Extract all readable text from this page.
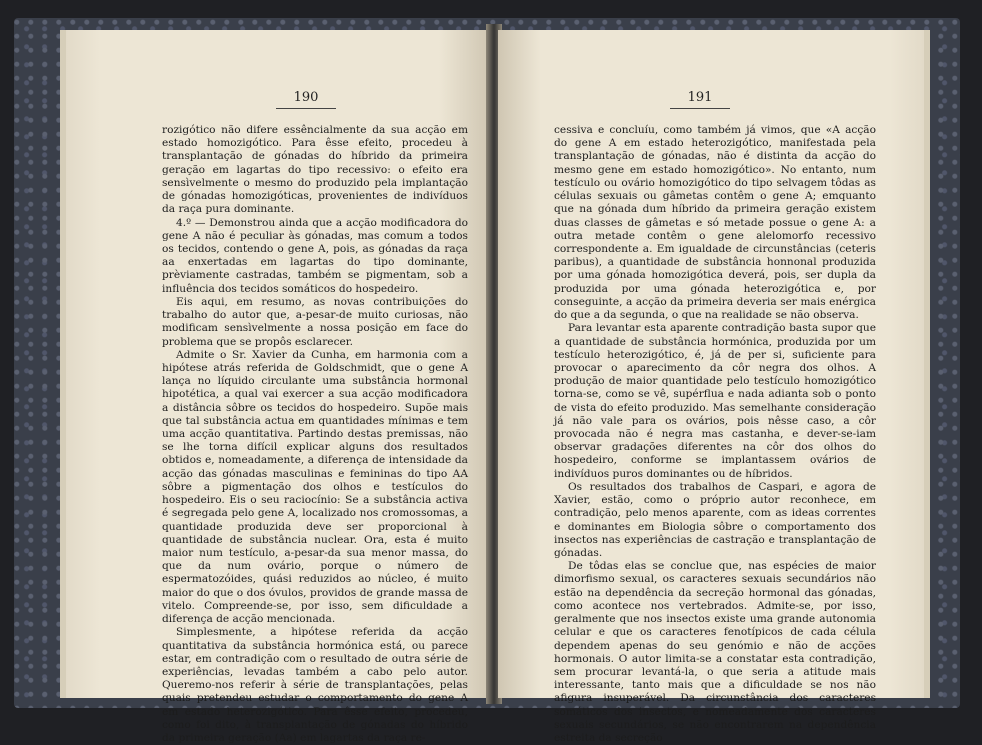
190

rozigótico não difere essêncialmente da sua acção em estado homozigótico. Para êsse efeito, procedeu à transplantação de gónadas do híbrido da primeira geração em lagartas do tipo recessivo: o efeito era sensìvelmente o mesmo do produzido pela implantação de gónadas homozigóticas, provenientes de indivíduos da raça pura dominante.

4.º — Demonstrou ainda que a acção modificadora do gene A não é peculiar às gónadas, mas comum a todos os tecidos, contendo o gene A, pois, as gónadas da raça aa enxertadas em lagartas do tipo dominante, prèviamente castradas, também se pigmentam, sob a influência dos tecidos somáticos do hospedeiro.

Eis aqui, em resumo, as novas contribuições do trabalho do autor que, a-pesar-de muito curiosas, não modificam sensìvelmente a nossa posição em face do problema que se propôs esclarecer.

Admite o Sr. Xavier da Cunha, em harmonia com a hipótese atrás referida de Goldschmidt, que o gene A lança no líquido circulante uma substância hormonal hipotética, a qual vai exercer a sua acção modificadora a distância sôbre os tecidos do hospedeiro. Supõe mais que tal substância actua em quantidades mínimas e tem uma acção quantitativa. Partindo destas premissas, não se lhe torna difícil explicar alguns dos resultados obtidos e, nomeadamente, a diferença de intensidade da acção das gónadas masculinas e femininas do tipo AA sôbre a pigmentação dos olhos e testículos do hospedeiro. Eis o seu raciocínio: Se a substância activa é segregada pelo gene A, localizado nos cromossomas, a quantidade produzida deve ser proporcional à quantidade de substância nuclear. Ora, esta é muito maior num testículo, a-pesar-da sua menor massa, do que da num ovário, porque o número de espermatozóides, quási reduzidos ao núcleo, é muito maior do que o dos óvulos, providos de grande massa de vitelo. Compreende-se, por isso, sem dificuldade a diferença de acção mencionada.

Simplesmente, a hipótese referida da acção quantitativa da substância hormónica está, ou parece estar, em contradição com o resultado de outra série de experiências, levadas também a cabo pelo autor. Queremo-nos referir à série de transplantações, pelas quais pretendeu estudar o comportamento do gene A em estado heterozigótico. Para êsse efeito, procedeu, como foi dito, à transplantação de gónadas do híbrido da primeira geração (Aa) em lagartas da raça re-

191

cessiva e concluíu, como também já vimos, que «A acção do gene A em estado heterozigótico, manifestada pela transplantação de gónadas, não é distinta da acção do mesmo gene em estado homozigótico». No entanto, num testículo ou ovário homozigótico do tipo selvagem tôdas as células sexuais ou gâmetas contêm o gene A; emquanto que na gónada dum híbrido da primeira geração existem duas classes de gâmetas e só metade possue o gene A: a outra metade contêm o gene alelomorfo recessivo correspondente a. Em igualdade de circunstâncias (ceteris paribus), a quantidade de substância honnonal produzida por uma gónada homozigótica deverá, pois, ser dupla da produzida por uma gónada heterozigótica e, por conseguinte, a acção da primeira deveria ser mais enérgica do que a da segunda, o que na realidade se não observa.

Para levantar esta aparente contradição basta supor que a quantidade de substância hormónica, produzida por um testículo heterozigótico, é, já de per si, suficiente para provocar o aparecimento da côr negra dos olhos. A produção de maior quantidade pelo testículo homozigótico torna-se, como se vê, supérflua e nada adianta sob o ponto de vista do efeito produzido. Mas semelhante consideração já não vale para os ovários, pois nêsse caso, a côr provocada não é negra mas castanha, e dever-se-iam observar gradações diferentes na côr dos olhos do hospedeiro, conforme se implantassem ovários de indivíduos puros dominantes ou de híbridos.

Os resultados dos trabalhos de Caspari, e agora de Xavier, estão, como o próprio autor reconhece, em contradição, pelo menos aparente, com as ideas correntes e dominantes em Biologia sôbre o comportamento dos insectos nas experiências de castração e transplantação de gónadas.

De tôdas elas se conclue que, nas espécies de maior dimorfismo sexual, os caracteres sexuais secundários não estão na dependência da secreção hormonal das gónadas, como acontece nos vertebrados. Admite-se, por isso, geralmente que nos insectos existe uma grande autonomia celular e que os caracteres fenotípicos de cada célula dependem apenas do seu genómio e não de acções hormonais. O autor limita-se a constatar esta contradição, sem procurar levantá-la, o que seria a atitude mais interessante, tanto mais que a dificuldade se nos não afigura insuperável. Da circunstância dos caracteres somáticos dos insectos, e nomeadamente dos caracteres sexuais secundários, se não encontrarem na dependência estreita da secreção
